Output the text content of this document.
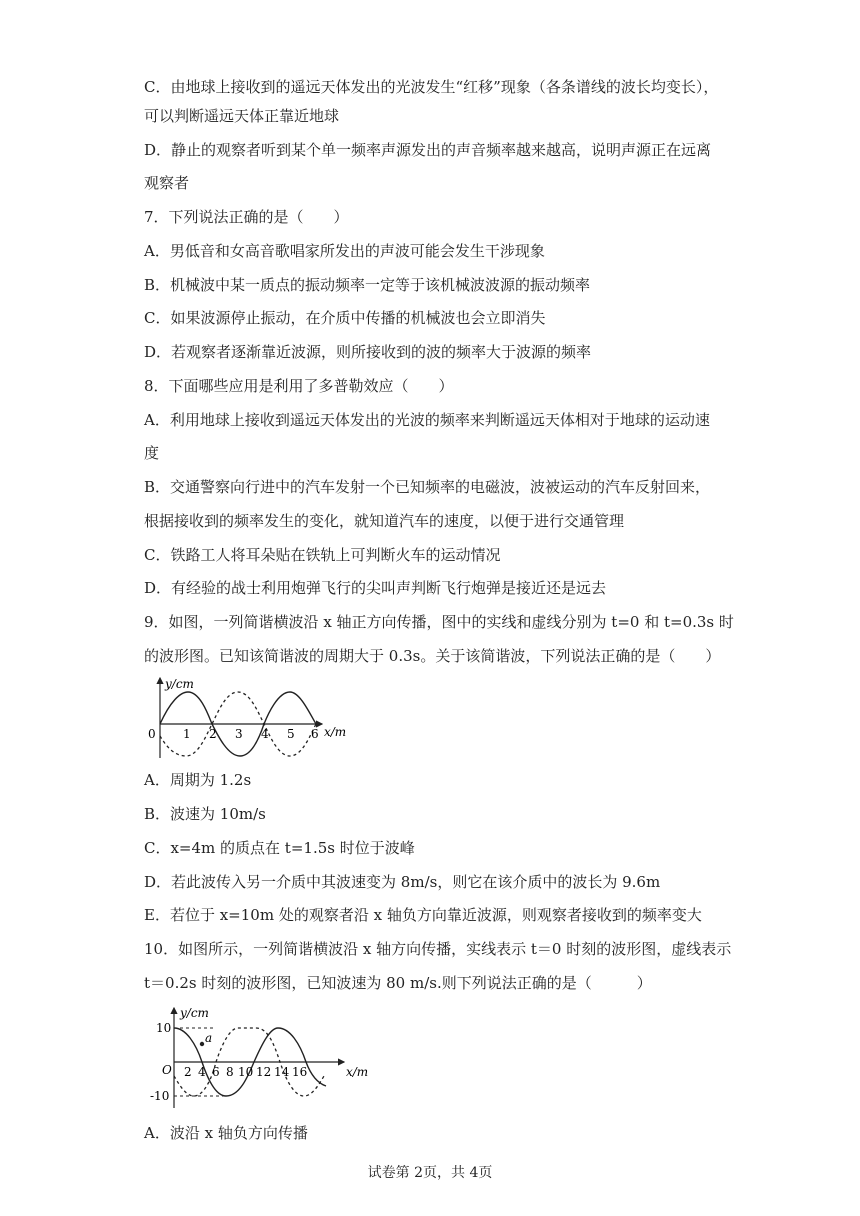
C．由地球上接收到的遥远天体发出的光波发生“红移”现象（各条谱线的波长均变长），
可以判断遥远天体正靠近地球
D．静止的观察者听到某个单一频率声源发出的声音频率越来越高，说明声源正在远离
观察者
7．下列说法正确的是（　　）
A．男低音和女高音歌唱家所发出的声波可能会发生干涉现象
B．机械波中某一质点的振动频率一定等于该机械波波源的振动频率
C．如果波源停止振动，在介质中传播的机械波也会立即消失
D．若观察者逐渐靠近波源，则所接收到的波的频率大于波源的频率
8．下面哪些应用是利用了多普勒效应（　　）
A．利用地球上接收到遥远天体发出的光波的频率来判断遥远天体相对于地球的运动速
度
B．交通警察向行进中的汽车发射一个已知频率的电磁波，波被运动的汽车反射回来，
根据接收到的频率发生的变化，就知道汽车的速度，以便于进行交通管理
C．铁路工人将耳朵贴在铁轨上可判断火车的运动情况
D．有经验的战士利用炮弹飞行的尖叫声判断飞行炮弹是接近还是远去
9．如图，一列简谐横波沿 x 轴正方向传播，图中的实线和虚线分别为 t=0 和 t=0.3s 时
的波形图。已知该简谐波的周期大于 0.3s。关于该简谐波，下列说法正确的是（　　）
y/cm
x/m
0 1 2 3 4 5 6
A．周期为 1.2s
B．波速为 10m/s
C．x=4m 的质点在 t=1.5s 时位于波峰
D．若此波传入另一介质中其波速变为 8m/s，则它在该介质中的波长为 9.6m
E．若位于 x=10m 处的观察者沿 x 轴负方向靠近波源，则观察者接收到的频率变大
10．如图所示，一列简谐横波沿 x 轴方向传播，实线表示 t＝0 时刻的波形图，虚线表示
t＝0.2s 时刻的波形图，已知波速为 80 m/s.则下列说法正确的是（　　　）
a
y/cm
x/m
O
10
-10
2 4 6 8 10 12 14 16
A．波沿 x 轴负方向传播
试卷第 2页，共 4页
